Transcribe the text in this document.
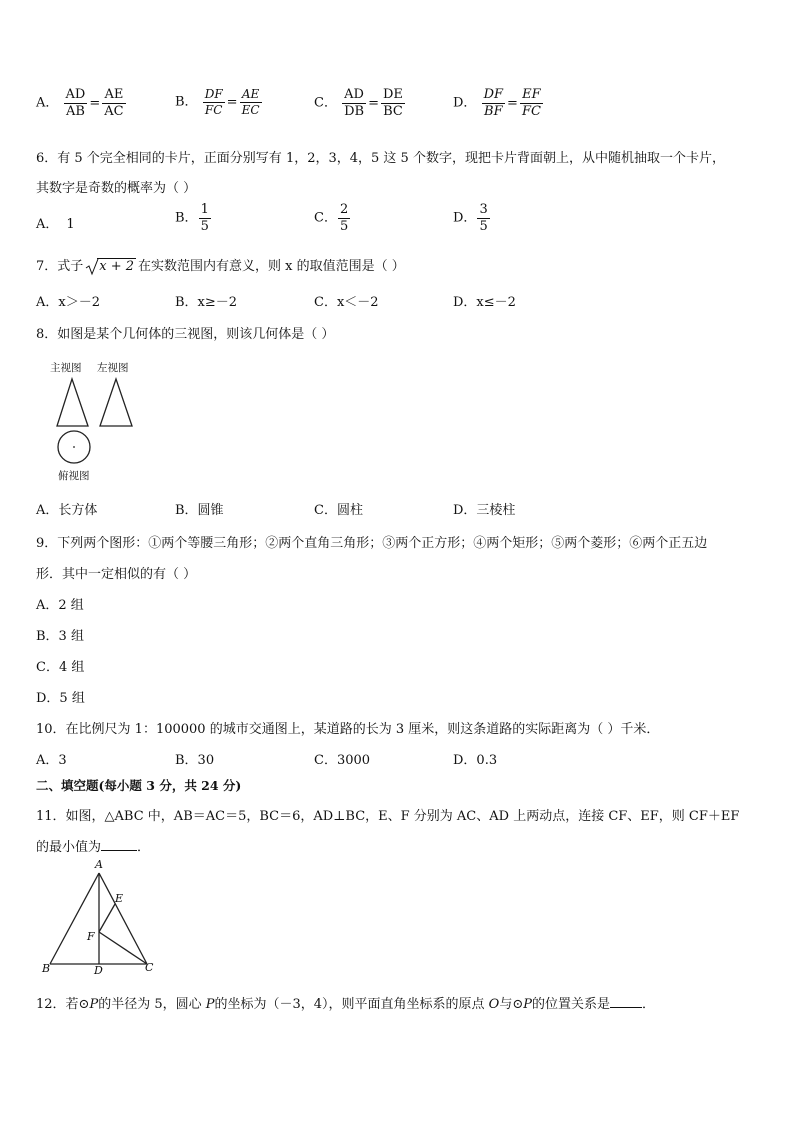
A． $\frac{AD}{AB} = \frac{AE}{AC}$	B． $\frac{DF}{FC} = \frac{AE}{EC}$	C． $\frac{AD}{DB} = \frac{DE}{BC}$	D． $\frac{DF}{BF} = \frac{EF}{FC}$
6．有 5 个完全相同的卡片，正面分别写有 1，2，3，4，5 这 5 个数字，现把卡片背面朝上，从中随机抽取一个卡片，
其数字是奇数的概率为（ ）
A． 1	B． $\frac{1}{5}$	C． $\frac{2}{5}$	D． $\frac{3}{5}$
7．式子 x + 2 在实数范围内有意义，则 x 的取值范围是（ ）
A．x＞－2	B．x≥－2	C．x＜－2	D．x≤－2
8．如图是某个几何体的三视图，则该几何体是（ ）
主视图 左视图
俯视图
A．长方体	B．圆锥	C．圆柱	D．三棱柱
9．下列两个图形：①两个等腰三角形；②两个直角三角形；③两个正方形；④两个矩形；⑤两个菱形；⑥两个正五边
形．其中一定相似的有（ ）
A．2 组
B．3 组
C．4 组
D．5 组
10．在比例尺为 1：100000 的城市交通图上，某道路的长为 3 厘米，则这条道路的实际距离为（ ）千米．
A．3	B．30	C．3000	D．0.3
二、填空题(每小题 3 分，共 24 分)
11．如图，△ABC 中，AB＝AC＝5，BC＝6，AD⊥BC，E、F 分别为 AC、AD 上两动点，连接 CF、EF，则 CF＋EF
的最小值为	．
A
E
F
B	D	C
12．若⊙P的半径为 5，圆心 P的坐标为（－3，4），则平面直角坐标系的原点 O与⊙P的位置关系是 ．
